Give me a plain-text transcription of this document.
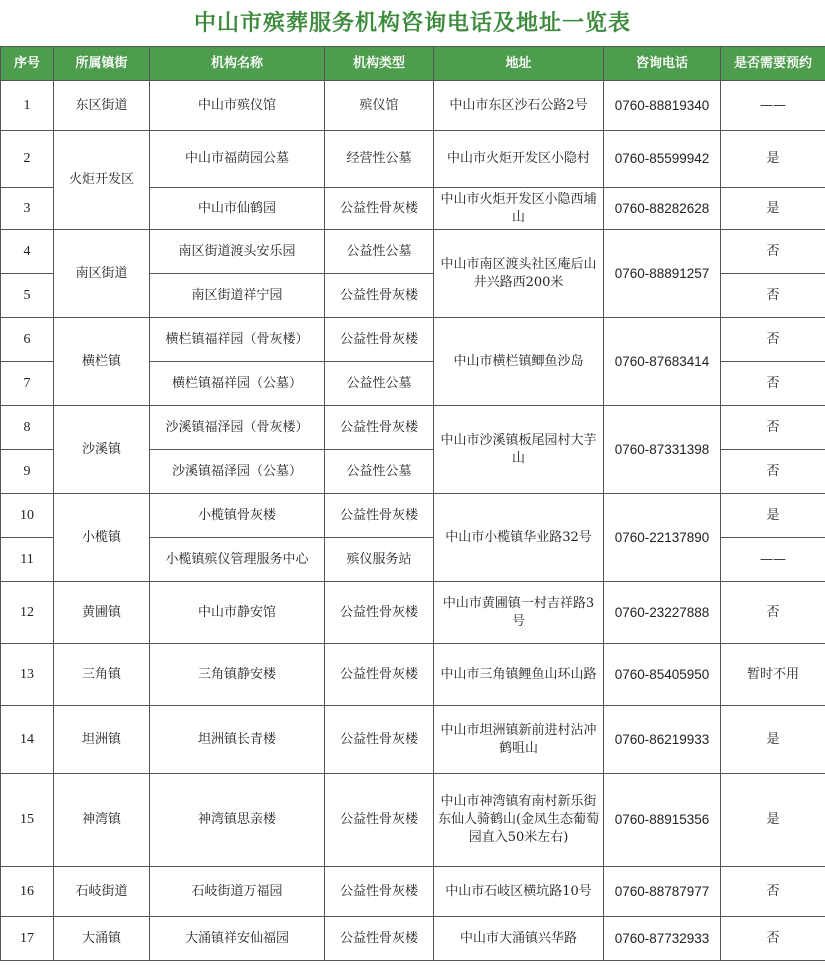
中山市殡葬服务机构咨询电话及地址一览表
序号	所属镇街	机构名称	机构类型	地址	咨询电话	是否需要预约
1	东区街道	中山市殡仪馆	殡仪馆	中山市东区沙石公路2号	0760-88819340	——
2	火炬开发区	中山市福荫园公墓	经营性公墓	中山市火炬开发区小隐村	0760-85599942	是
3		中山市仙鹤园	公益性骨灰楼	中山市火炬开发区小隐西埔山	0760-88282628	是
4	南区街道	南区街道渡头安乐园	公益性公墓	中山市南区渡头社区庵后山井兴路西200米	0760-88891257	否
5		南区街道祥宁园	公益性骨灰楼			否
6	横栏镇	横栏镇福祥园（骨灰楼）	公益性骨灰楼	中山市横栏镇鲫鱼沙岛	0760-87683414	否
7		横栏镇福祥园（公墓）	公益性公墓			否
8	沙溪镇	沙溪镇福泽园（骨灰楼）	公益性骨灰楼	中山市沙溪镇板尾园村大芋山	0760-87331398	否
9		沙溪镇福泽园（公墓）	公益性公墓			否
10	小榄镇	小榄镇骨灰楼	公益性骨灰楼	中山市小榄镇华业路32号	0760-22137890	是
11		小榄镇殡仪管理服务中心	殡仪服务站			——
12	黄圃镇	中山市静安馆	公益性骨灰楼	中山市黄圃镇一村吉祥路3号	0760-23227888	否
13	三角镇	三角镇静安楼	公益性骨灰楼	中山市三角镇鲤鱼山环山路	0760-85405950	暂时不用
14	坦洲镇	坦洲镇长青楼	公益性骨灰楼	中山市坦洲镇新前进村沾冲鹤咀山	0760-86219933	是
15	神湾镇	神湾镇思亲楼	公益性骨灰楼	中山市神湾镇宥南村新乐街东仙人骑鹤山(金凤生态葡萄园直入50米左右)	0760-88915356	是
16	石岐街道	石岐街道万福园	公益性骨灰楼	中山市石岐区横坑路10号	0760-88787977	否
17	大涌镇	大涌镇祥安仙福园	公益性骨灰楼	中山市大涌镇兴华路	0760-87732933	否
